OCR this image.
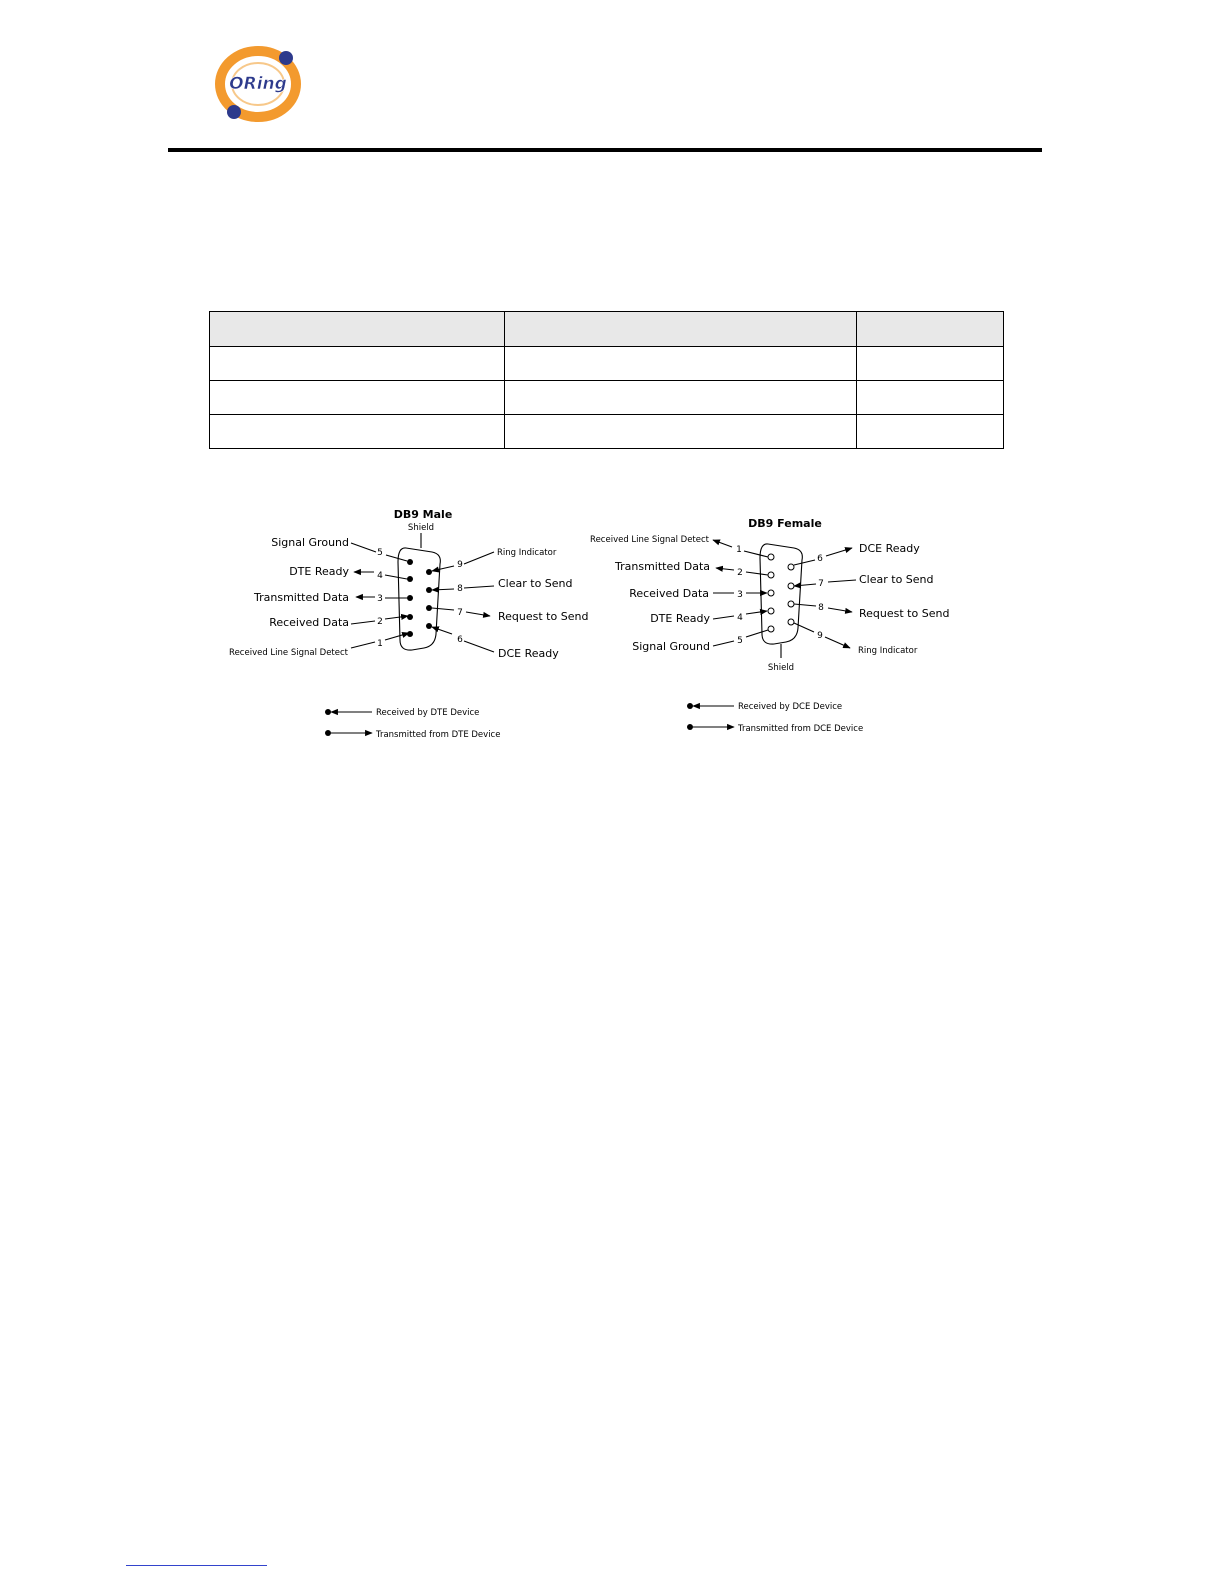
ORing

DB9 Male
Shield
5
4
3
2
1
Signal Ground
DTE Ready
Transmitted Data
Received Data
Received Line Signal Detect
9
8
7
6
Ring Indicator
Clear to Send
Request to Send
DCE Ready
Received by DTE Device
Transmitted from DTE Device
DB9 Female
Shield
1
2
3
4
5
Received Line Signal Detect
Transmitted Data
Received Data
DTE Ready
Signal Ground
6
7
8
9
DCE Ready
Clear to Send
Request to Send
Ring Indicator
Received by DCE Device
Transmitted from DCE Device
